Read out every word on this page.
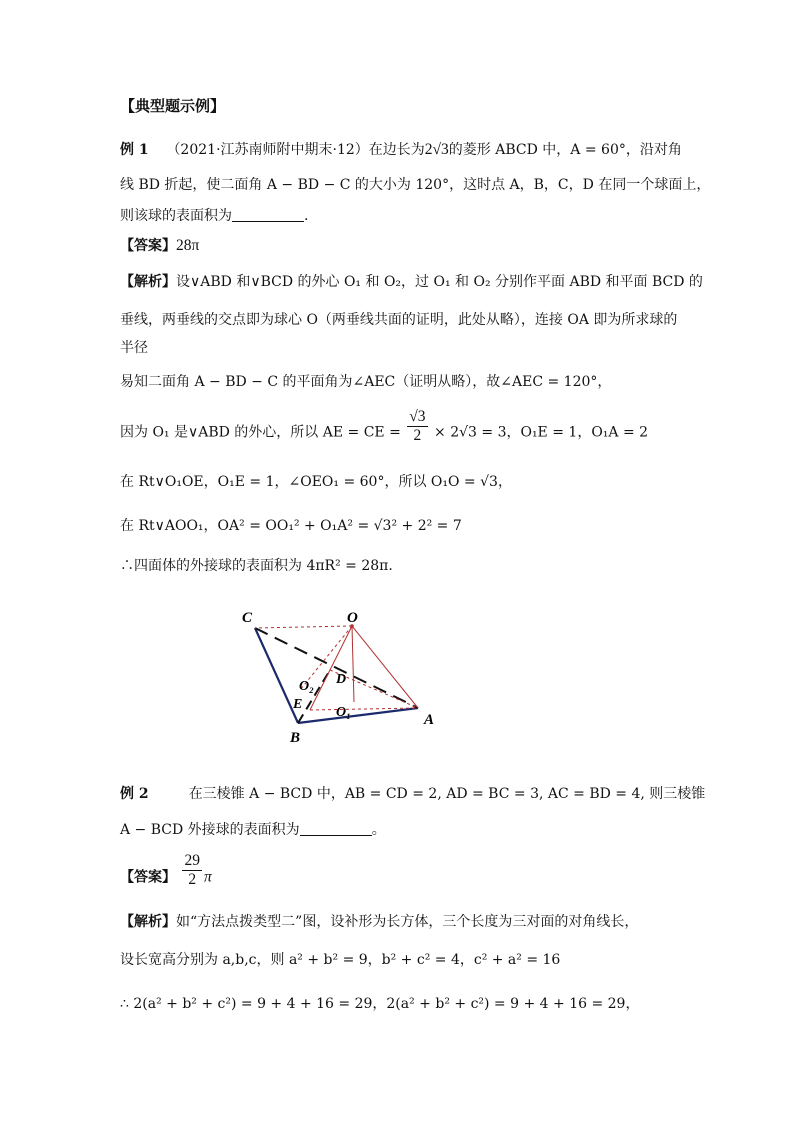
【典型题示例】
例 1 （2021·江苏南师附中期末·12）在边长为2√3的菱形 ABCD 中，A = 60°，沿对角
线 BD 折起，使二面角 A − BD − C 的大小为 120°，这时点 A，B，C，D 在同一个球面上，
则该球的表面积为	.
【答案】28π
【解析】设∨ABD 和∨BCD 的外心 O₁ 和 O₂，过 O₁ 和 O₂ 分别作平面 ABD 和平面 BCD 的
垂线，两垂线的交点即为球心 O（两垂线共面的证明，此处从略），连接 OA 即为所求球的
半径
易知二面角 A − BD − C 的平面角为∠AEC（证明从略），故∠AEC = 120°，
因为 O₁ 是∨ABD 的外心，所以 AE = CE = $\frac{√3}{2} \times 2√3 = 3$，O₁E = 1，O₁A = 2
在 Rt∨O₁OE，O₁E = 1，∠OEO₁ = 60°，所以 O₁O = √3，
在 Rt∨AOO₁，OA² = OO₁² + O₁A² = √3² + 2² = 7
∴四面体的外接球的表面积为 4πR² = 28π.
C	O
D
O₂
E
O₁	A
B
例 2	在三棱锥 A − BCD 中，AB = CD = 2, AD = BC = 3, AC = BD = 4, 则三棱锥
A − BCD 外接球的表面积为	。
【答案】 $\frac{29}{2}$ π
【解析】如“方法点拨类型二”图，设补形为长方体，三个长度为三对面的对角线长，
设长宽高分别为 a,b,c，则 a² + b² = 9，b² + c² = 4，c² + a² = 16
∴ 2(a² + b² + c²) = 9 + 4 + 16 = 29，2(a² + b² + c²) = 9 + 4 + 16 = 29，
